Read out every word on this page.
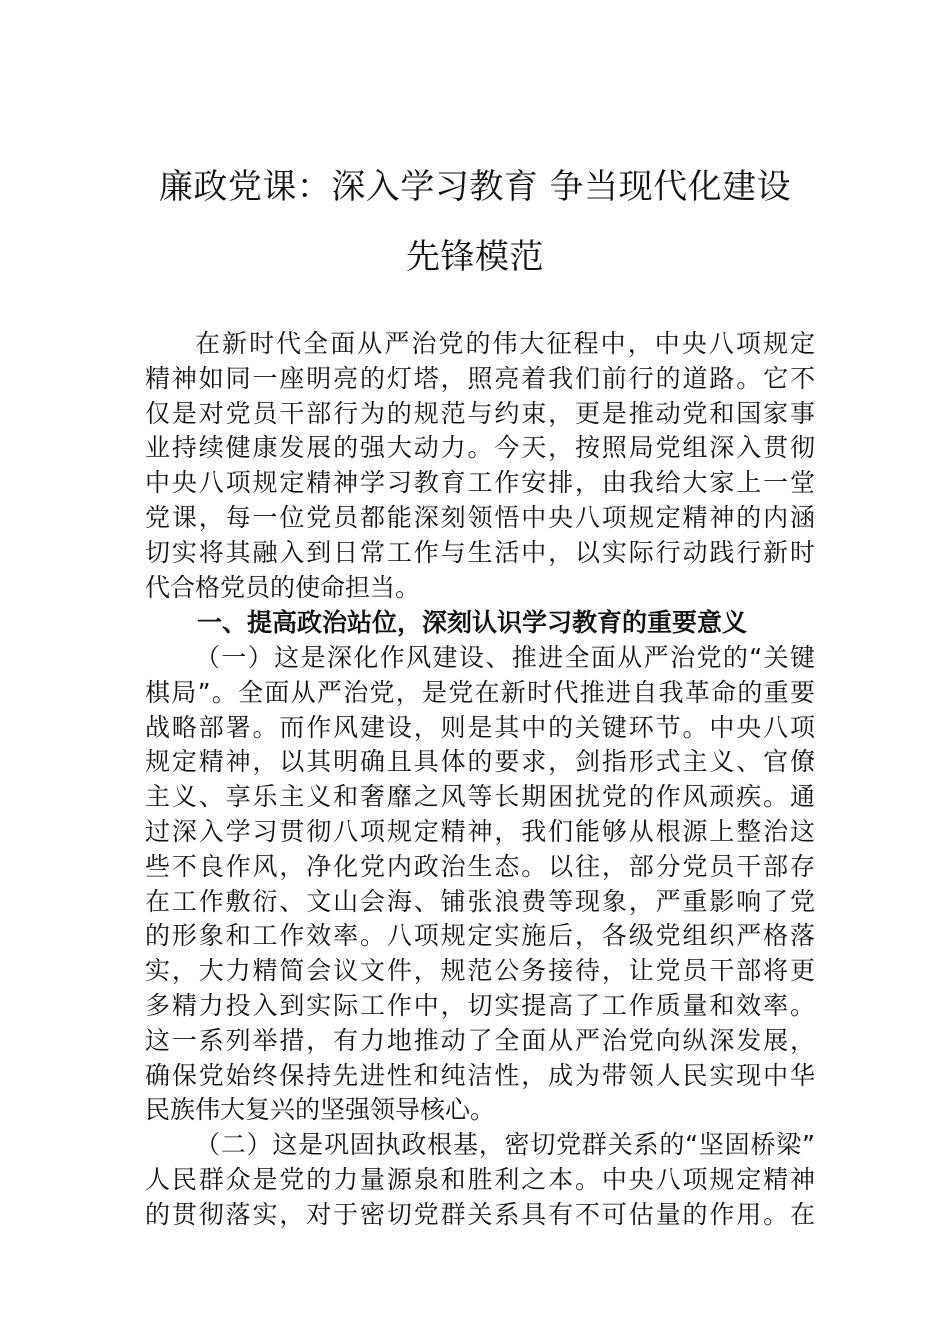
廉政党课：深入学习教育 争当现代化建设
先锋模范
在新时代全面从严治党的伟大征程中，中央八项规定
精神如同一座明亮的灯塔，照亮着我们前行的道路。它不
仅是对党员干部行为的规范与约束，更是推动党和国家事
业持续健康发展的强大动力。今天，按照局党组深入贯彻
中央八项规定精神学习教育工作安排，由我给大家上一堂
党课，每一位党员都能深刻领悟中央八项规定精神的内涵
切实将其融入到日常工作与生活中，以实际行动践行新时
代合格党员的使命担当。
一、提高政治站位，深刻认识学习教育的重要意义
（一）这是深化作风建设、推进全面从严治党的“关键
棋局”。全面从严治党，是党在新时代推进自我革命的重要
战略部署。而作风建设，则是其中的关键环节。中央八项
规定精神，以其明确且具体的要求，剑指形式主义、官僚
主义、享乐主义和奢靡之风等长期困扰党的作风顽疾。通
过深入学习贯彻八项规定精神，我们能够从根源上整治这
些不良作风，净化党内政治生态。以往，部分党员干部存
在工作敷衍、文山会海、铺张浪费等现象，严重影响了党
的形象和工作效率。八项规定实施后，各级党组织严格落
实，大力精简会议文件，规范公务接待，让党员干部将更
多精力投入到实际工作中，切实提高了工作质量和效率。
这一系列举措，有力地推动了全面从严治党向纵深发展，
确保党始终保持先进性和纯洁性，成为带领人民实现中华
民族伟大复兴的坚强领导核心。
（二）这是巩固执政根基，密切党群关系的“坚固桥梁”
人民群众是党的力量源泉和胜利之本。中央八项规定精神
的贯彻落实，对于密切党群关系具有不可估量的作用。在
